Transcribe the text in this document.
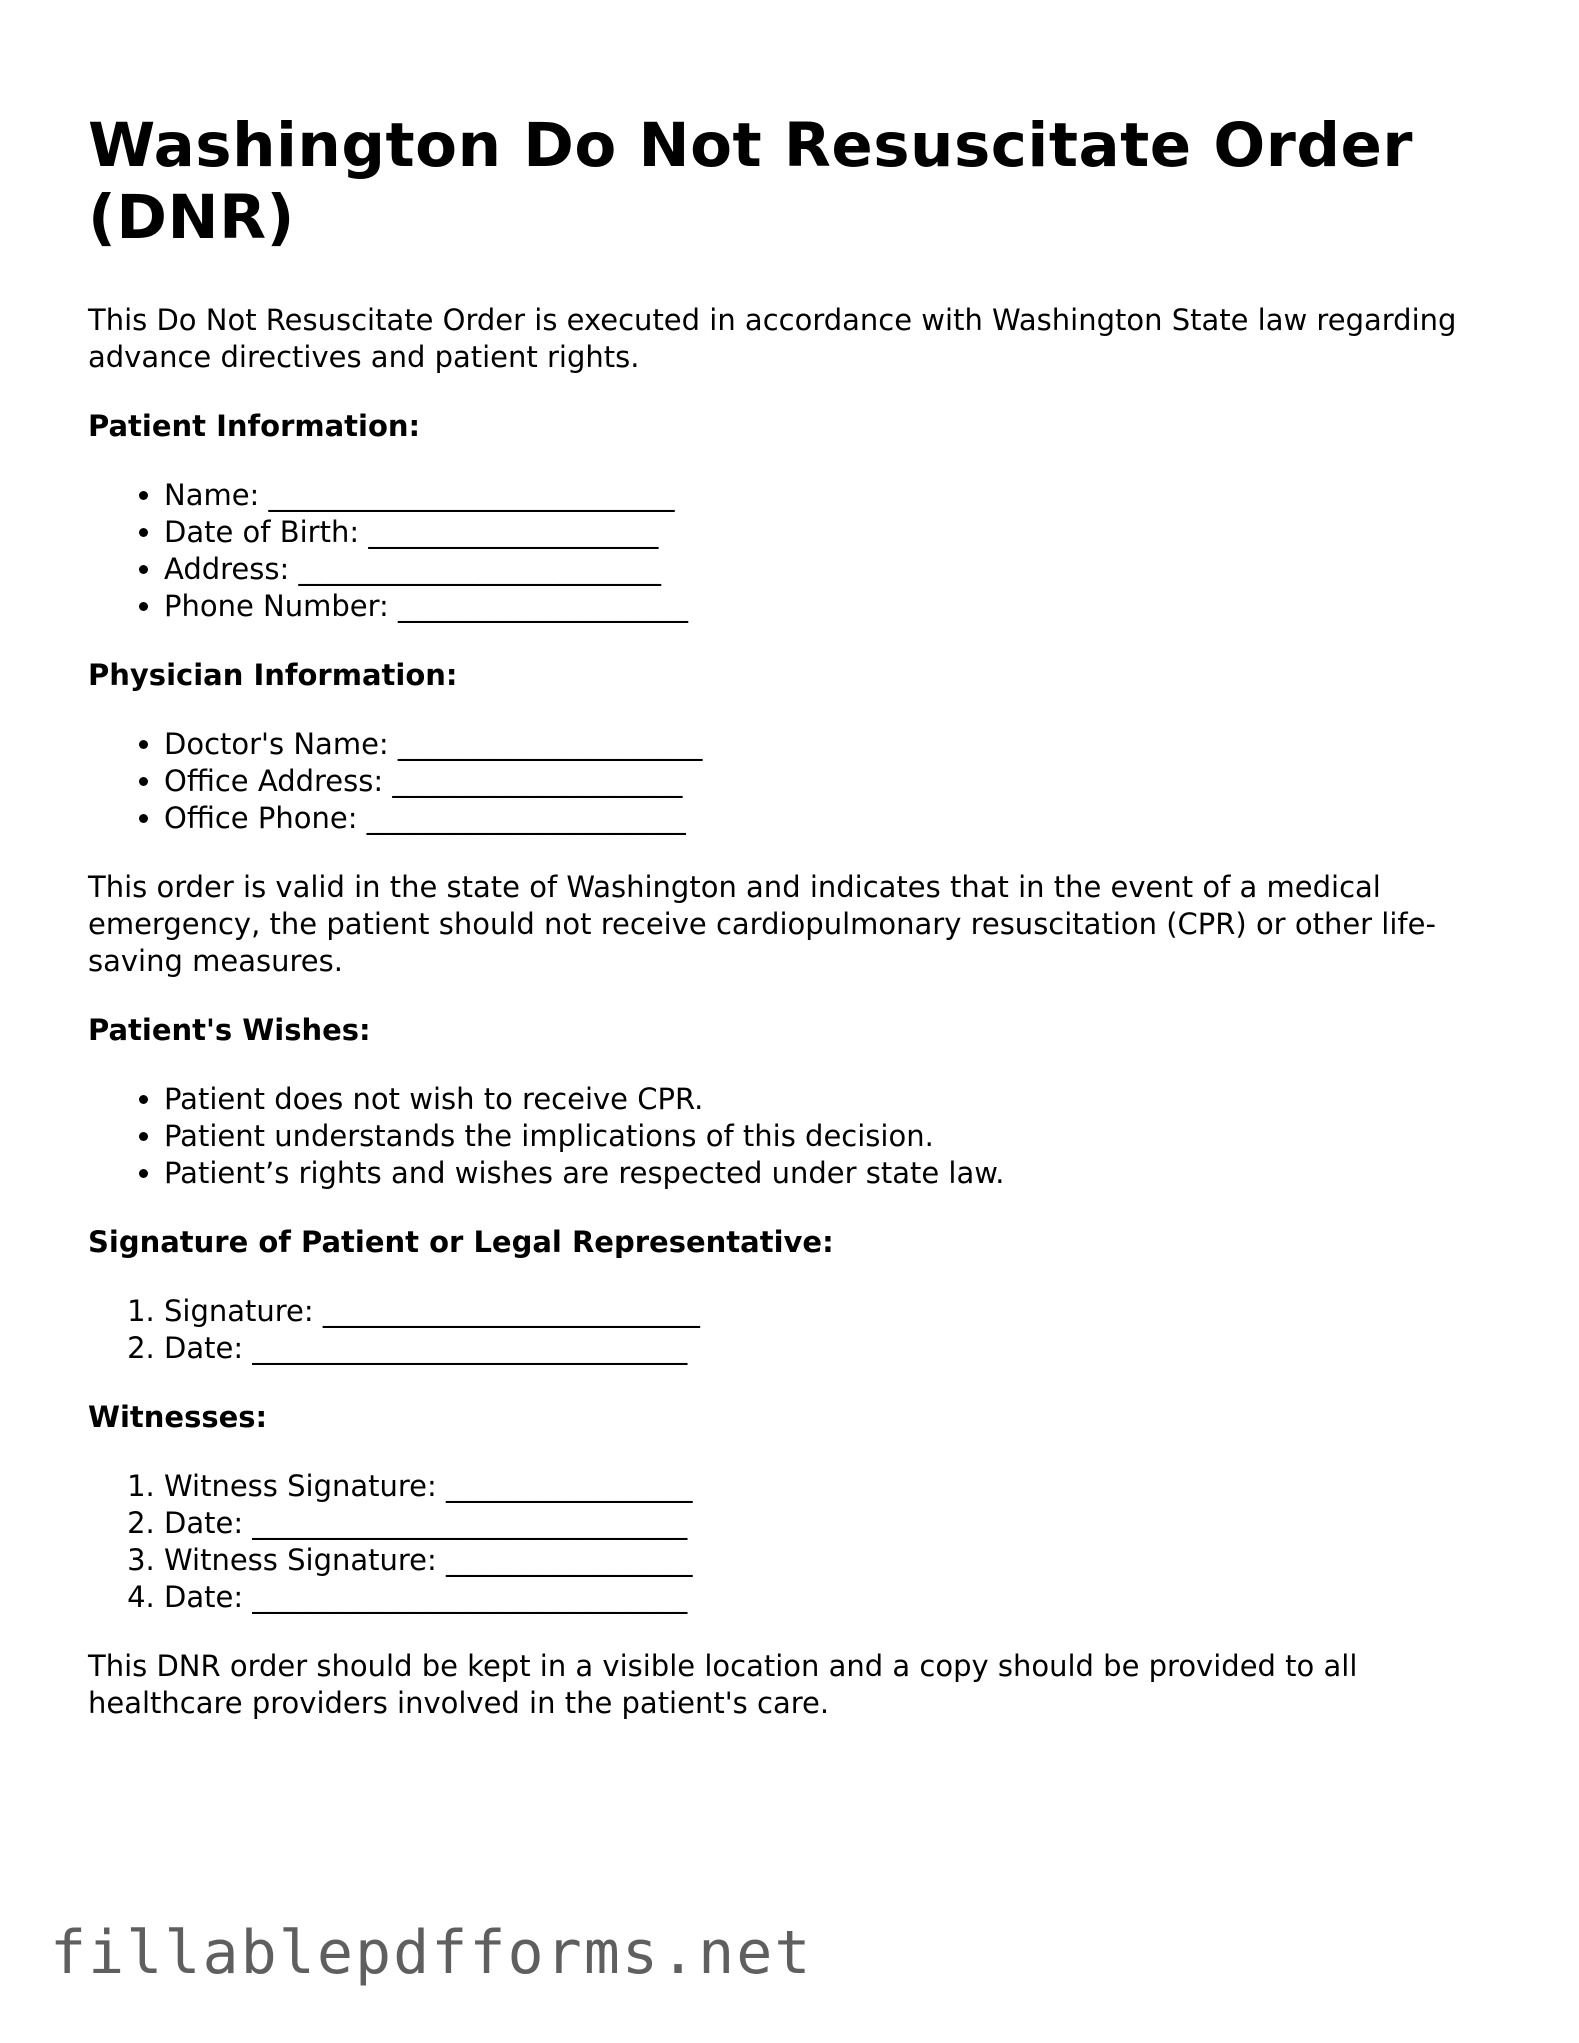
Washington Do Not Resuscitate Order (DNR)

This Do Not Resuscitate Order is executed in accordance with Washington State law regarding advance directives and patient rights.

Patient Information:
• Name: ____________________________
• Date of Birth: ____________________
• Address: _________________________
• Phone Number: ____________________
Physician Information:
• Doctor's Name: _____________________
• Office Address: ____________________
• Office Phone: ______________________

This order is valid in the state of Washington and indicates that in the event of a medical emergency, the patient should not receive cardiopulmonary resuscitation (CPR) or other life-saving measures.

Patient's Wishes:
• Patient does not wish to receive CPR.
• Patient understands the implications of this decision.
• Patient’s rights and wishes are respected under state law.
Signature of Patient or Legal Representative:
1. Signature: __________________________
2. Date: ______________________________
Witnesses:
1. Witness Signature: _________________
2. Date: ______________________________
3. Witness Signature: _________________
4. Date: ______________________________

This DNR order should be kept in a visible location and a copy should be provided to all healthcare providers involved in the patient's care.

fillablepdfforms.net
